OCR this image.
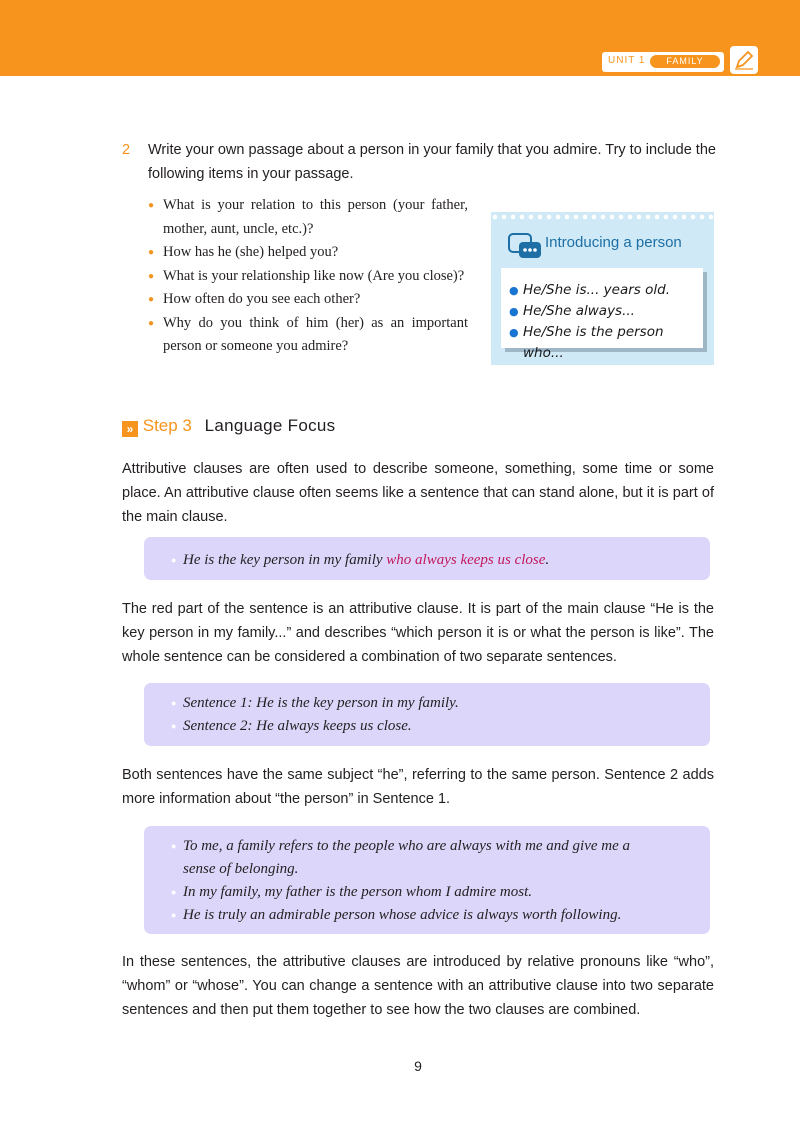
UNIT 1	FAMILY
2 Write your own passage about a person in your family that you admire. Try to include the following items in your passage.
● What is your relation to this person (your father, mother, aunt, uncle, etc.)?
● How has he (she) helped you?
● What is your relationship like now (Are you close)?
● How often do you see each other?
● Why do you think of him (her) as an important person or someone you admire?
Introducing a person
● He/She is... years old.
● He/She always...
● He/She is the person who...
» Step 3 Language Focus
Attributive clauses are often used to describe someone, something, some time or some place. An attributive clause often seems like a sentence that can stand alone, but it is part of the main clause.
● He is the key person in my family who always keeps us close.
The red part of the sentence is an attributive clause. It is part of the main clause “He is the key person in my family...” and describes “which person it is or what the person is like”. The whole sentence can be considered a combination of two separate sentences.
● Sentence 1: He is the key person in my family.
● Sentence 2: He always keeps us close.
Both sentences have the same subject “he”, referring to the same person. Sentence 2 adds more information about “the person” in Sentence 1.
● To me, a family refers to the people who are always with me and give me a
sense of belonging.
● In my family, my father is the person whom I admire most.
● He is truly an admirable person whose advice is always worth following.
In these sentences, the attributive clauses are introduced by relative pronouns like “who”, “whom” or “whose”. You can change a sentence with an attributive clause into two separate sentences and then put them together to see how the two clauses are combined.
9
